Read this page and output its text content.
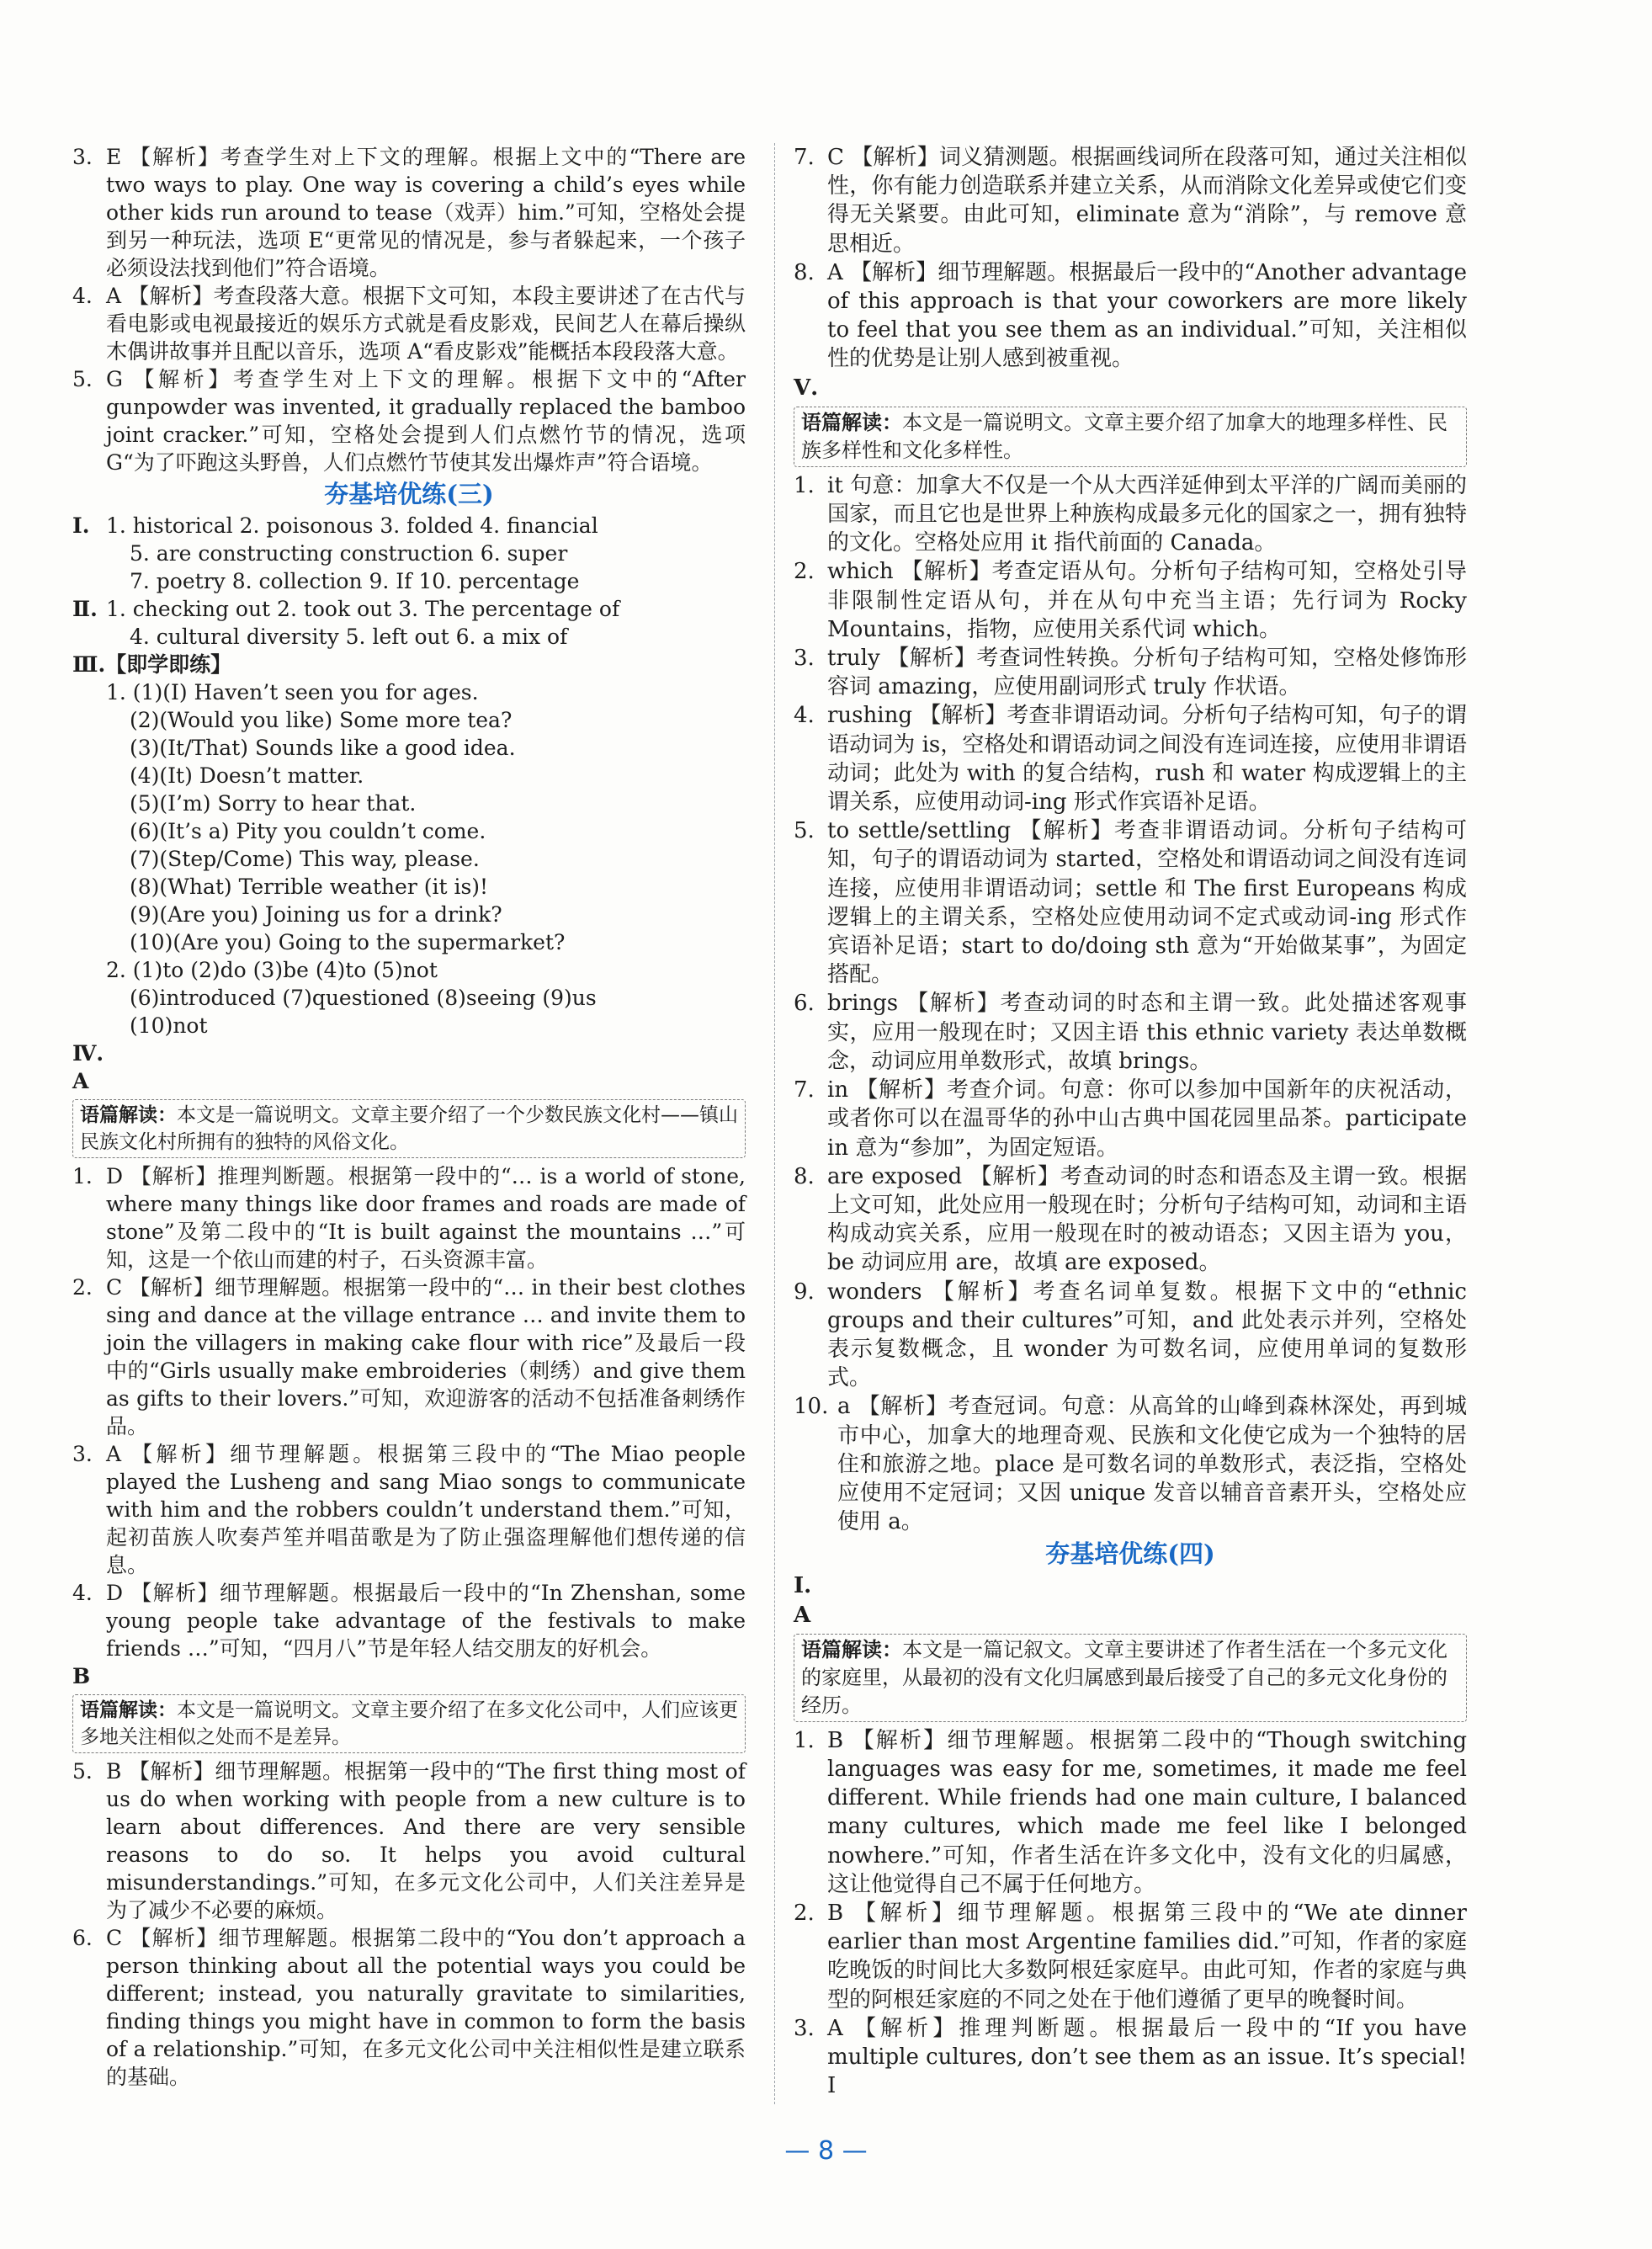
3. E 【解析】考查学生对上下文的理解。根据上文中的“There are two ways to play. One way is covering a child’s eyes while other kids run around to tease（戏弄）him.”可知，空格处会提到另一种玩法，选项 E“更常见的情况是，参与者躲起来，一个孩子必须设法找到他们”符合语境。
4. A 【解析】考查段落大意。根据下文可知，本段主要讲述了在古代与看电影或电视最接近的娱乐方式就是看皮影戏，民间艺人在幕后操纵木偶讲故事并且配以音乐，选项 A“看皮影戏”能概括本段段落大意。
5. G 【解析】考查学生对上下文的理解。根据下文中的“After gunpowder was invented, it gradually replaced the bamboo joint cracker.”可知，空格处会提到人们点燃竹节的情况，选项 G“为了吓跑这头野兽，人们点燃竹节使其发出爆炸声”符合语境。
夯基培优练(三)
Ⅰ. 1. historical 2. poisonous 3. folded 4. financial
5. are constructing construction 6. super
7. poetry 8. collection 9. If 10. percentage
Ⅱ. 1. checking out 2. took out 3. The percentage of
4. cultural diversity 5. left out 6. a mix of
Ⅲ.【即学即练】
1. (1)(I) Haven’t seen you for ages.
(2)(Would you like) Some more tea?
(3)(It/That) Sounds like a good idea.
(4)(It) Doesn’t matter.
(5)(I’m) Sorry to hear that.
(6)(It’s a) Pity you couldn’t come.
(7)(Step/Come) This way, please.
(8)(What) Terrible weather (it is)!
(9)(Are you) Joining us for a drink?
(10)(Are you) Going to the supermarket?
2. (1)to (2)do (3)be (4)to (5)not
(6)introduced (7)questioned (8)seeing (9)us
(10)not
Ⅳ.
A
语篇解读：本文是一篇说明文。文章主要介绍了一个少数民族文化村——镇山民族文化村所拥有的独特的风俗文化。
1. D 【解析】推理判断题。根据第一段中的“… is a world of stone, where many things like door frames and roads are made of stone”及第二段中的“It is built against the mountains …”可知，这是一个依山而建的村子，石头资源丰富。
2. C 【解析】细节理解题。根据第一段中的“… in their best clothes sing and dance at the village entrance … and invite them to join the villagers in making cake flour with rice”及最后一段中的“Girls usually make embroideries（刺绣）and give them as gifts to their lovers.”可知，欢迎游客的活动不包括准备刺绣作品。
3. A 【解析】细节理解题。根据第三段中的“The Miao people played the Lusheng and sang Miao songs to communicate with him and the robbers couldn’t understand them.”可知，起初苗族人吹奏芦笙并唱苗歌是为了防止强盗理解他们想传递的信息。
4. D 【解析】细节理解题。根据最后一段中的“In Zhenshan, some young people take advantage of the festivals to make friends …”可知，“四月八”节是年轻人结交朋友的好机会。
B
语篇解读：本文是一篇说明文。文章主要介绍了在多文化公司中，人们应该更多地关注相似之处而不是差异。
5. B 【解析】细节理解题。根据第一段中的“The first thing most of us do when working with people from a new culture is to learn about differences. And there are very sensible reasons to do so. It helps you avoid cultural misunderstandings.”可知，在多元文化公司中，人们关注差异是为了减少不必要的麻烦。
6. C 【解析】细节理解题。根据第二段中的“You don’t approach a person thinking about all the potential ways you could be different; instead, you naturally gravitate to similarities, finding things you might have in common to form the basis of a relationship.”可知，在多元文化公司中关注相似性是建立联系的基础。
7. C 【解析】词义猜测题。根据画线词所在段落可知，通过关注相似性，你有能力创造联系并建立关系，从而消除文化差异或使它们变得无关紧要。由此可知，eliminate 意为“消除”，与 remove 意思相近。
8. A 【解析】细节理解题。根据最后一段中的“Another advantage of this approach is that your coworkers are more likely to feel that you see them as an individual.”可知，关注相似性的优势是让别人感到被重视。
Ⅴ.
语篇解读：本文是一篇说明文。文章主要介绍了加拿大的地理多样性、民族多样性和文化多样性。
1. it 句意：加拿大不仅是一个从大西洋延伸到太平洋的广阔而美丽的国家，而且它也是世界上种族构成最多元化的国家之一，拥有独特的文化。空格处应用 it 指代前面的 Canada。
2. which 【解析】考查定语从句。分析句子结构可知，空格处引导非限制性定语从句，并在从句中充当主语；先行词为 Rocky Mountains，指物，应使用关系代词 which。
3. truly 【解析】考查词性转换。分析句子结构可知，空格处修饰形容词 amazing，应使用副词形式 truly 作状语。
4. rushing 【解析】考查非谓语动词。分析句子结构可知，句子的谓语动词为 is，空格处和谓语动词之间没有连词连接，应使用非谓语动词；此处为 with 的复合结构，rush 和 water 构成逻辑上的主谓关系，应使用动词-ing 形式作宾语补足语。
5. to settle/settling 【解析】考查非谓语动词。分析句子结构可知，句子的谓语动词为 started，空格处和谓语动词之间没有连词连接，应使用非谓语动词；settle 和 The first Europeans 构成逻辑上的主谓关系，空格处应使用动词不定式或动词-ing 形式作宾语补足语；start to do/doing sth 意为“开始做某事”，为固定搭配。
6. brings 【解析】考查动词的时态和主谓一致。此处描述客观事实，应用一般现在时；又因主语 this ethnic variety 表达单数概念，动词应用单数形式，故填 brings。
7. in 【解析】考查介词。句意：你可以参加中国新年的庆祝活动，或者你可以在温哥华的孙中山古典中国花园里品茶。participate in 意为“参加”，为固定短语。
8. are exposed 【解析】考查动词的时态和语态及主谓一致。根据上文可知，此处应用一般现在时；分析句子结构可知，动词和主语构成动宾关系，应用一般现在时的被动语态；又因主语为 you，be 动词应用 are，故填 are exposed。
9. wonders 【解析】考查名词单复数。根据下文中的“ethnic groups and their cultures”可知，and 此处表示并列，空格处表示复数概念，且 wonder 为可数名词，应使用单词的复数形式。
10. a 【解析】考查冠词。句意：从高耸的山峰到森林深处，再到城市中心，加拿大的地理奇观、民族和文化使它成为一个独特的居住和旅游之地。place 是可数名词的单数形式，表泛指，空格处应使用不定冠词；又因 unique 发音以辅音音素开头，空格处应使用 a。
夯基培优练(四)
Ⅰ.
A
语篇解读：本文是一篇记叙文。文章主要讲述了作者生活在一个多元文化的家庭里，从最初的没有文化归属感到最后接受了自己的多元文化身份的经历。
1. B 【解析】细节理解题。根据第二段中的“Though switching languages was easy for me, sometimes, it made me feel different. While friends had one main culture, I balanced many cultures, which made me feel like I belonged nowhere.”可知，作者生活在许多文化中，没有文化的归属感，这让他觉得自己不属于任何地方。
2. B 【解析】细节理解题。根据第三段中的“We ate dinner earlier than most Argentine families did.”可知，作者的家庭吃晚饭的时间比大多数阿根廷家庭早。由此可知，作者的家庭与典型的阿根廷家庭的不同之处在于他们遵循了更早的晚餐时间。
3. A 【解析】推理判断题。根据最后一段中的“If you have multiple cultures, don’t see them as an issue. It’s special! I
— 8 —
